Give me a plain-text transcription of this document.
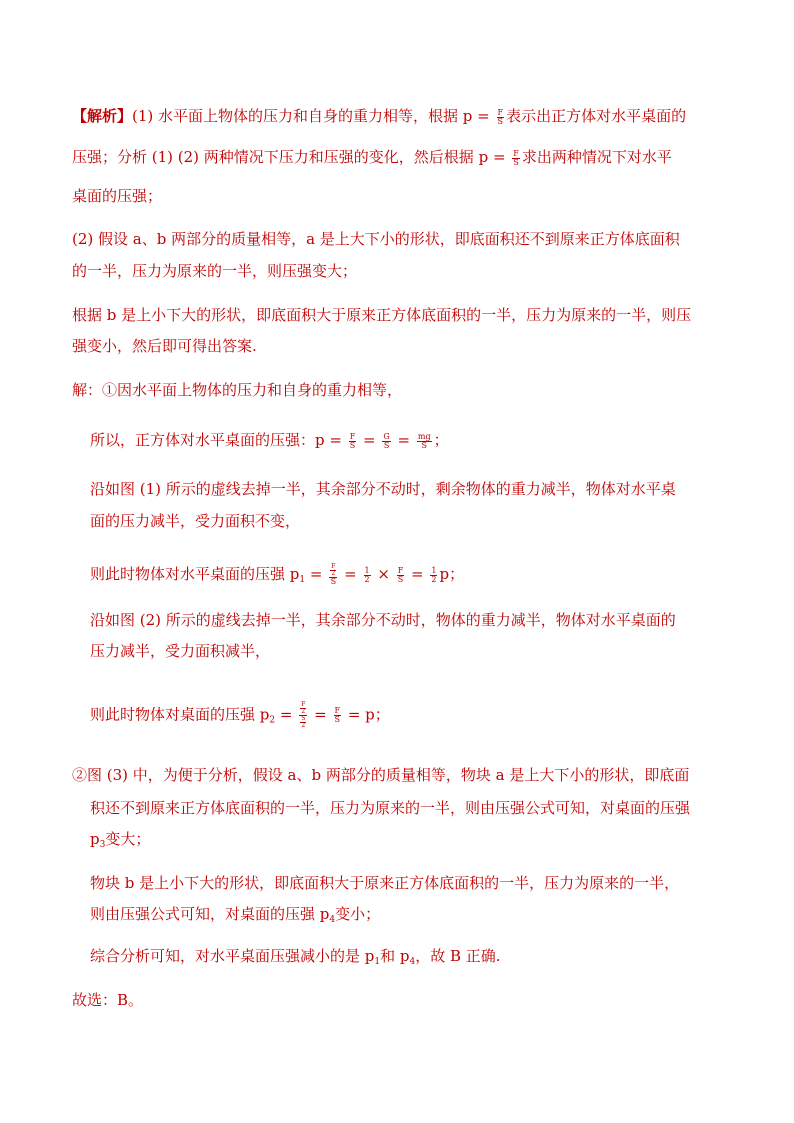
【解析】(1) 水平面上物体的压力和自身的重力相等，根据 $p = \frac{F}{S}$ 表示出正方体对水平桌面的
压强；分析 (1) (2) 两种情况下压力和压强的变化，然后根据 $p = \frac{F}{S}$ 求出两种情况下对水平
桌面的压强；
(2) 假设 a、b 两部分的质量相等，a 是上大下小的形状，即底面积还不到原来正方体底面积
的一半，压力为原来的一半，则压强变大；
根据 b 是上小下大的形状，即底面积大于原来正方体底面积的一半，压力为原来的一半，则压
强变小，然后即可得出答案.
解：①因水平面上物体的压力和自身的重力相等，
所以，正方体对水平桌面的压强：$p = \frac{F}{S} = \frac{G}{S} = \frac{mg}{S}$ ；
沿如图 (1) 所示的虚线去掉一半，其余部分不动时，剩余物体的重力减半，物体对水平桌
面的压力减半，受力面积不变，
则此时物体对水平桌面的压强 $p_1 = \frac{\frac{F}{2}}{S} = \frac{1}{2} \times \frac{F}{S} = \frac{1}{2}$ p；
沿如图 (2) 所示的虚线去掉一半，其余部分不动时，物体的重力减半，物体对水平桌面的
压力减半，受力面积减半，
则此时物体对桌面的压强 $p_2 = \frac{\frac{F}{2}}{\frac{S}{2}} = \frac{F}{S} = p$；
②图 (3) 中，为便于分析，假设 a、b 两部分的质量相等，物块 a 是上大下小的形状，即底面
积还不到原来正方体底面积的一半，压力为原来的一半，则由压强公式可知，对桌面的压强
$p_3$变大；
物块 b 是上小下大的形状，即底面积大于原来正方体底面积的一半，压力为原来的一半，
则由压强公式可知，对桌面的压强 $p_4$变小；
综合分析可知，对水平桌面压强减小的是 $p_1$和 $p_4$，故 B 正确.
故选：B。
